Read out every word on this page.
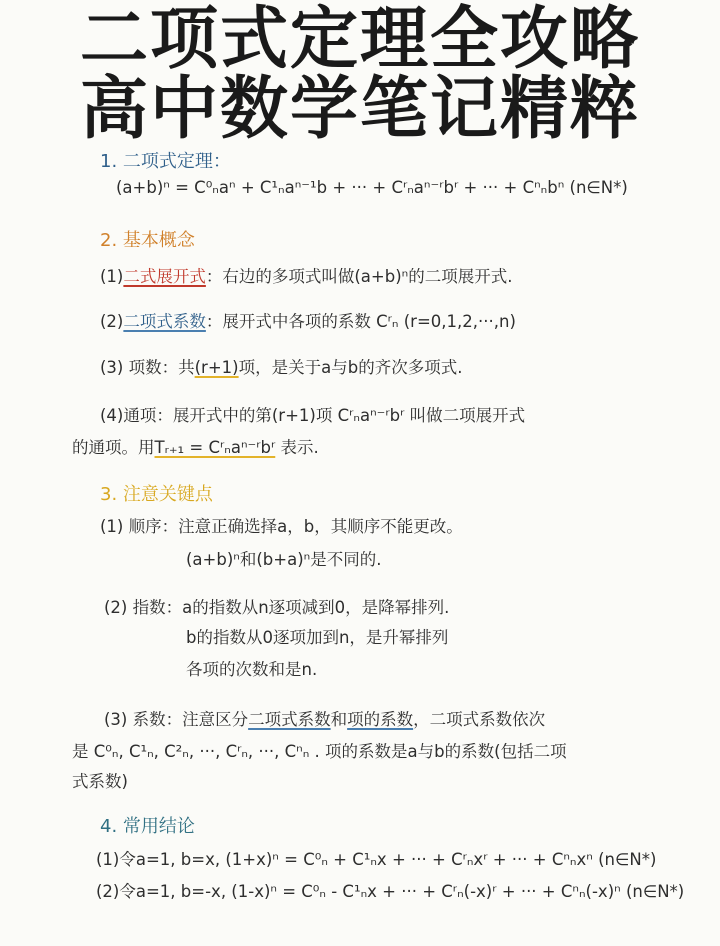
二项式定理全攻略
高中数学笔记精粹
1. 二项式定理：
(a+b)ⁿ = C⁰ₙaⁿ + C¹ₙaⁿ⁻¹b + ··· + Cʳₙaⁿ⁻ʳbʳ + ··· + Cⁿₙbⁿ (n∈N*)
2. 基本概念
(1)二式展开式：右边的多项式叫做(a+b)ⁿ的二项展开式.
(2)二项式系数：展开式中各项的系数 Cʳₙ (r=0,1,2,···,n)
(3) 项数：共(r+1)项，是关于a与b的齐次多项式.
(4)通项：展开式中的第(r+1)项 Cʳₙaⁿ⁻ʳbʳ 叫做二项展开式
的通项。用Tᵣ₊₁ = Cʳₙaⁿ⁻ʳbʳ 表示.
3. 注意关键点
(1) 顺序：注意正确选择a，b，其顺序不能更改。
(a+b)ⁿ和(b+a)ⁿ是不同的.
(2) 指数：a的指数从n逐项减到0，是降幂排列.
b的指数从0逐项加到n，是升幂排列
各项的次数和是n.
(3) 系数：注意区分二项式系数和项的系数，二项式系数依次
是 C⁰ₙ, C¹ₙ, C²ₙ, ···, Cʳₙ, ···, Cⁿₙ . 项的系数是a与b的系数(包括二项
式系数)
4. 常用结论
(1)令a=1, b=x, (1+x)ⁿ = C⁰ₙ + C¹ₙx + ··· + Cʳₙxʳ + ··· + Cⁿₙxⁿ (n∈N*)
(2)令a=1, b=-x, (1-x)ⁿ = C⁰ₙ - C¹ₙx + ··· + Cʳₙ(-x)ʳ + ··· + Cⁿₙ(-x)ⁿ (n∈N*)
